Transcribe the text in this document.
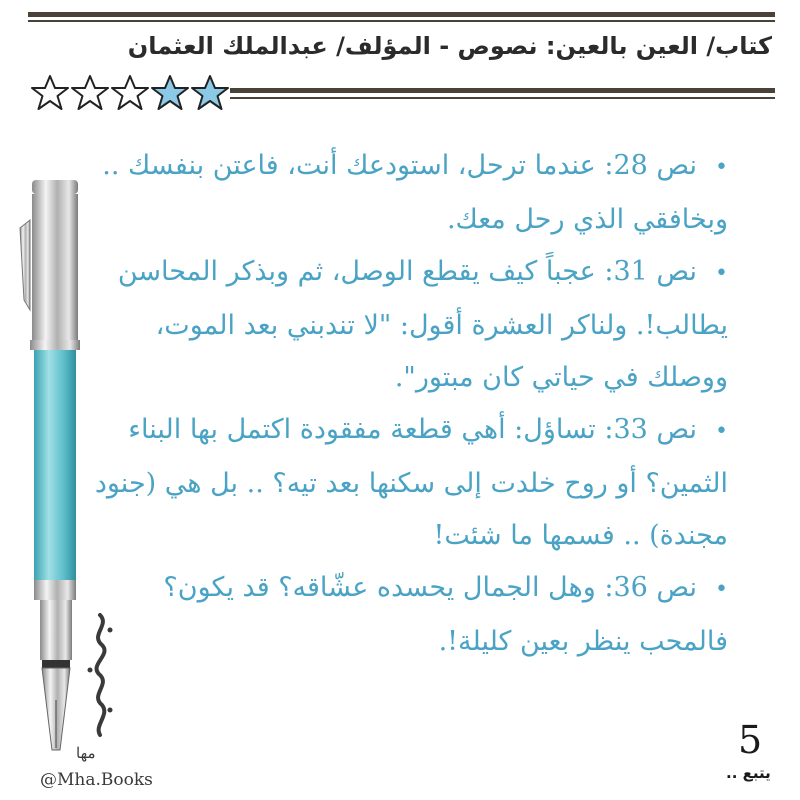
كتاب/ العين بالعين: نصوص - المؤلف/ عبدالملك العثمان
مها
@Mha.Books

•نص 28: عندما ترحل، استودعك أنت، فاعتن بنفسك .. وبخافقي الذي رحل معك.

•نص 31: عجباً كيف يقطع الوصل، ثم وبذكر المحاسن يطالب!. ولناكر العشرة أقول: "لا تندبني بعد الموت، ووصلك في حياتي كان مبتور".

•نص 33: تساؤل: أهي قطعة مفقودة اكتمل بها البناء الثمين؟ أو روح خلدت إلى سكنها بعد تيه؟ .. بل هي (جنود مجندة) .. فسمها ما شئت!

•نص 36: وهل الجمال يحسده عشّاقه؟ قد يكون؟ فالمحب ينظر بعين كليلة!.

5
يتبع ..
